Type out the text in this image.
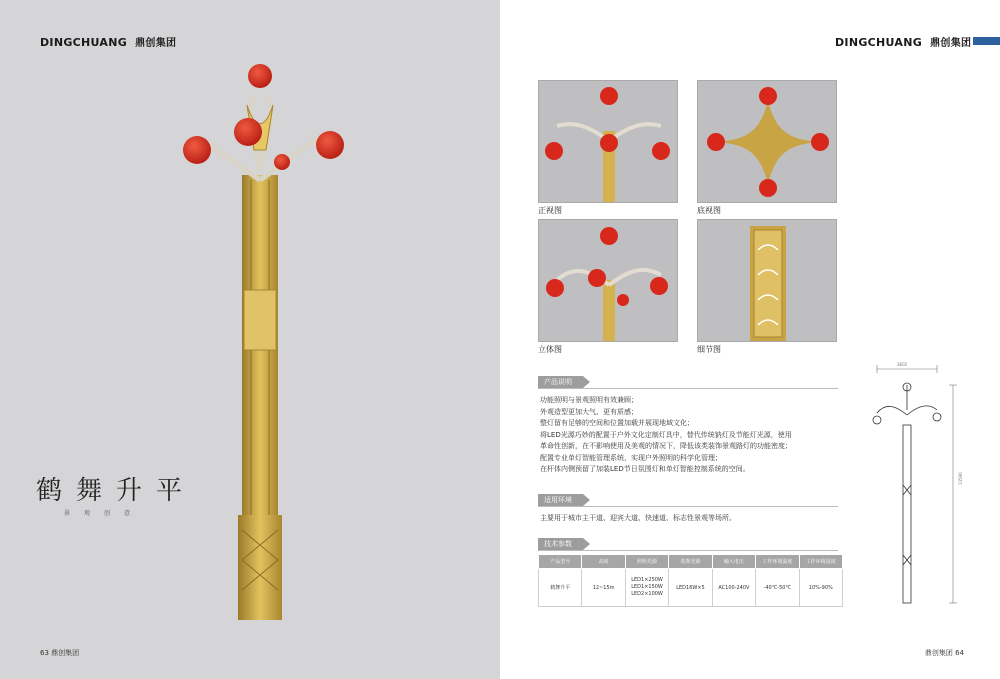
DINGCHUANG 鼎创集团
鹤舞升平
景观创意
63 鼎创集团
DINGCHUANG 鼎创集团
正视图	底视图
立体图	细节图
产品说明

功能照明与景观照明有效兼顾；

外观造型更加大气、更有质感；

整灯留有足够的空间和位置加载并展现地域文化；

将LED光源巧妙的配置于户外文化定制灯具中，替代传统钠灯及节能灯光源，使用

革命性创新，在不影响使用及美观的情况下，降低该类装饰景观路灯的功能密度；

配置专业单灯智能管理系统，实现户外照明的科学化管理；

在杆体内侧预留了加装LED节日氛围灯和单灯智能控制系统的空间。

适用环境
主要用于城市主干道、迎宾大道、快速道、标志性景观等场所。
技术参数
产品型号	高度	照明光源	装饰光源	输入电压	工作环境温度	工作环境湿度
鹤舞升平	12~15m	LED1×250W
LED1×150W
LED2×100W	LED16W×5	AC100-240V	-40℃-50℃	10%-90%
3602
13590
鼎创集团 64
